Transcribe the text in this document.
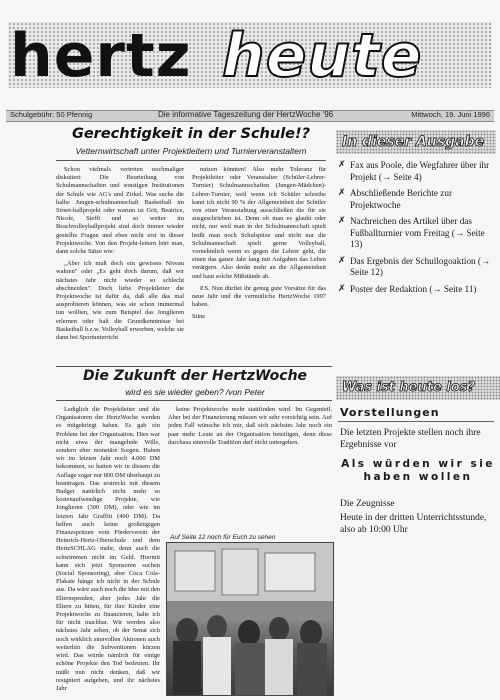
hertz heute
Schulgebühr: 50 Pfennig	Die informative Tageszeitung der HertzWoche '96	Mittwoch, 19. Juni 1996
Gerechtigkeit in der Schule!?
Vetternwirtschaft unter Projektleitern und Turnierveranstaltern

Schon vielmals vertreten nochmaliger diskutiert: Die Beurteilung von Schulmannschaften und sonstigen Institutionen der Schule wie AG's und Zirkel. Was suche die halbe Jungen-schulmannschaft Basketball im Street-ballprojekt oder warum ist Grit, Beatrice, Nicole, Steffi und so weiter im Beachvolleyballprojekt sind doch immer wieder gestellte Fragen und eben nicht erst in dieser Projektwoche. Von den Projekt-leitern hört man, dann solche Sätze wie:

„Aber ich muß doch ein gewisses Niveau wahren" oder „Es geht doch darum, daß wir nächstes Jahr nicht wieder so schlecht abschneiden". Doch liebe Projektleiter die Projektwoche ist dafür da, daß alle das mal ausprobieren können, was sie schon immermal tun wollten, wie zum Beispiel das Jonglieren erlernen oder halt die Grundkenntnisse bei Basketball b.z.w. Volleyball erwerben, welche sie dann bei Sportunterricht

nutzen könnten! Also mehr Toleranz für Projektleiter oder Veranstalter (Schüler-Lehrer-Turnier) Schulmannschaften (Jungen-Mädchen)-Lehrer-Turnier, weil wenn ich Schüler schreibe kann ich nicht 90 % der Allgemeinheit der Schüler von einer Veranstaltung ausschließen die für sie ausgeschrieben ist. Denn ob man es glaubt oder nicht, nur weil man in der Schulmannschaft spielt heißt man noch Schulspitze und nicht nur die Schulmannschaft spielt gerne Volleyball, vornehmlich wenn es gegen die Lehrer geht, die einen das ganze Jahr lang mit Aufgaben das Leben verärgern. Also denkt mehr an die Allgemeinheit und baut solche Mißstände ab.

P.S. Nun dürftet ihr genug gute Vorsätze für das neue Jahr und die vermutliche HertzWoche 1997 haben.

Stine

In dieser Ausgabe
✗ Fax aus Poole, die Wegfahrer über ihr Projekt (→ Seite 4)
✗ Abschließende Berichte zur Projektwoche
✗ Nachreichen des Artikel über das Fußballturnier vom Freitag (→ Seite 13)
✗ Das Ergebnis der Schullogoaktion (→ Seite 12)
✗ Poster der Redaktion (→ Seite 11)
Was ist heute los?
Vorstellungen
Die letzten Projekte stellen noch ihre Ergebnisse vor
Als würden wir sie haben wollen
Die Zeugnisse
Heute in der dritten Unterrichtsstunde, also ab 10:00 Uhr
Die Zukunft der HertzWoche
wird es sie wieder geben? /von Peter

Lediglich die Projektleiter und die Organisatoren der HertzWoche werden es mitgekriegt haben. Es gab ein Problem bei der Organisation. Dies war nicht etwa der mangelnde Wille, sondern eher monetäre Sorgen. Haben wir im letzten Jahr noch 4.600 DM bekommen, so hatten wir in diesem die Auflage sogar nur 800 DM überhaupt zu beantragen. Das erstreckt mit diesem Budget natürlich nicht mehr so kostenaufwendige Projekte, wie Jonglieren (300 DM), oder wie im letzten Jahr Graffiti (400 DM). Da helfen auch keine großzügigen Finanzspritzen vom Förderverein der Heinrich-Hertz-Oberschule und dem HertzSCHLAG mehr, denn auch die schwimmen nicht im Geld. Hiermit kann sich jetzt Sponsoren suchen (Social Sponsoring), aber Coca Cola-Plakate hänge ich nicht in der Schule aus. Da wäre auch noch die Idee mit den Elternspenden, aber jedes Jahr die Eltern zu bitten, für ihre Kinder eine Projektwoche zu finanzieren, halte ich für nicht machbar. Wir werden also nächstes Jahr sehen, ob der Senat sich noch wirklich sinnvollen Aktionen auch weiterhin die Subventionen kürzen wird. Das würde nämlich für einige schöne Projekte den Tod bedeuten. Ihr müßt nun nicht denken, daß wir resigniert aufgeben, und ihr nächstes Jahr

keine Projektwoche mehr stattfinden wird. Im Gegenteil. Aber bei der Finanzierung müssen wir sehr vorsichtig sein. Auf jeden Fall wünsche ich mir, daß sich nächstes Jahr noch ein paar mehr Leute an der Organisation beteiligen, denn diese durchaus sinnvolle Tradition darf nicht untergehen.

Auf Seite 12 noch für Euch zu sehen
